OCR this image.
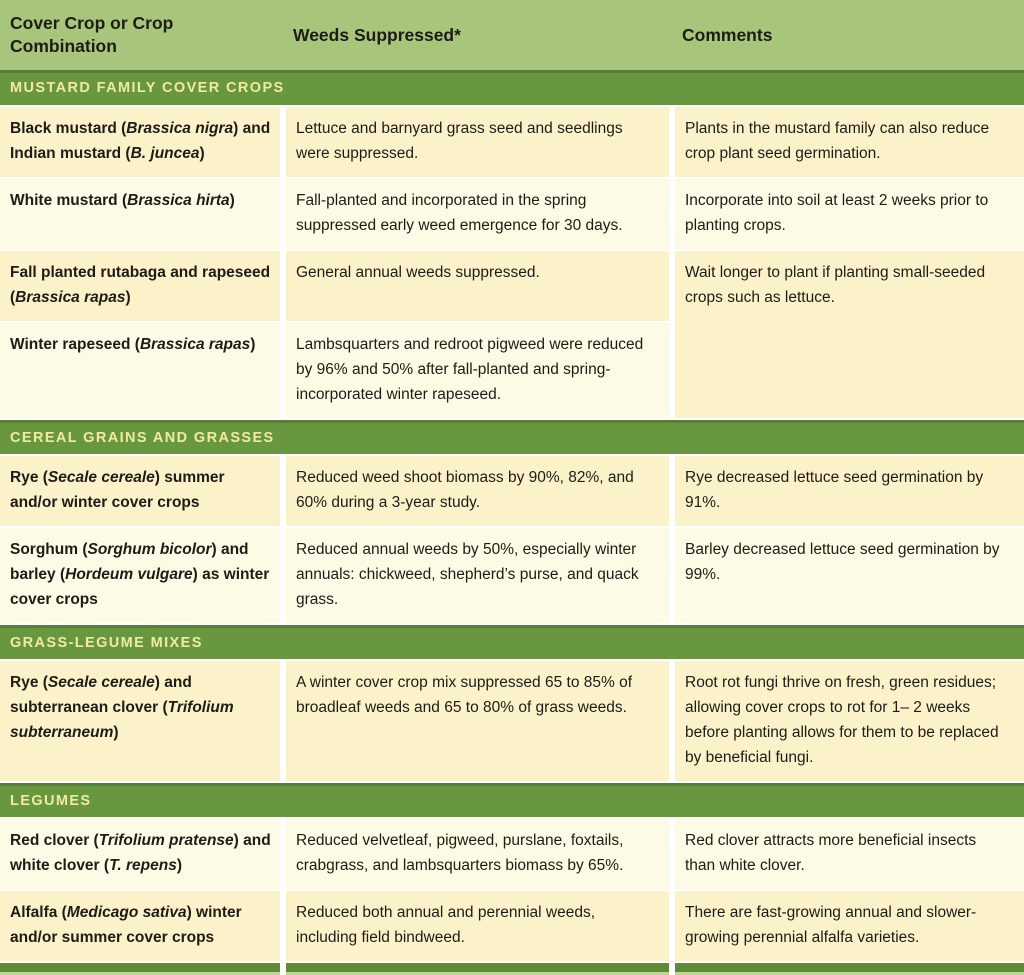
Cover Crop or Crop Combination	Weeds Suppressed*	Comments
MUSTARD FAMILY COVER CROPS		
Black mustard (Brassica nigra) and Indian mustard (B. juncea)	Lettuce and barnyard grass seed and seedlings were suppressed.	Plants in the mustard family can also reduce crop plant seed germination.
White mustard (Brassica hirta)	Fall-planted and incorporated in the spring suppressed early weed emergence for 30 days.	Incorporate into soil at least 2 weeks prior to planting crops.
Fall planted rutabaga and rapeseed (Brassica rapas)	General annual weeds suppressed.	Wait longer to plant if planting small-seeded crops such as lettuce.
Winter rapeseed (Brassica rapas)	Lambsquarters and redroot pigweed were reduced by 96% and 50% after fall-planted and spring-incorporated winter rapeseed.	
CEREAL GRAINS AND GRASSES		
Rye (Secale cereale) summer and/or winter cover crops	Reduced weed shoot biomass by 90%, 82%, and 60% during a 3-year study.	Rye decreased lettuce seed germination by 91%.
Sorghum (Sorghum bicolor) and barley (Hordeum vulgare) as winter cover crops	Reduced annual weeds by 50%, especially winter annuals: chickweed, shepherd’s purse, and quack grass.	Barley decreased lettuce seed germination by 99%.
GRASS-LEGUME MIXES		
Rye (Secale cereale) and subterranean clover (Trifolium subterraneum)	A winter cover crop mix suppressed 65 to 85% of broadleaf weeds and 65 to 80% of grass weeds.	Root rot fungi thrive on fresh, green residues; allowing cover crops to rot for 1– 2 weeks before planting allows for them to be replaced by beneficial fungi.
LEGUMES		
Red clover (Trifolium pratense) and white clover (T. repens)	Reduced velvetleaf, pigweed, purslane, foxtails, crabgrass, and lambsquarters biomass by 65%.	Red clover attracts more beneficial insects than white clover.
Alfalfa (Medicago sativa) winter and/or summer cover crops	Reduced both annual and perennial weeds, including field bindweed.	There are fast-growing annual and slower-growing perennial alfalfa varieties.
